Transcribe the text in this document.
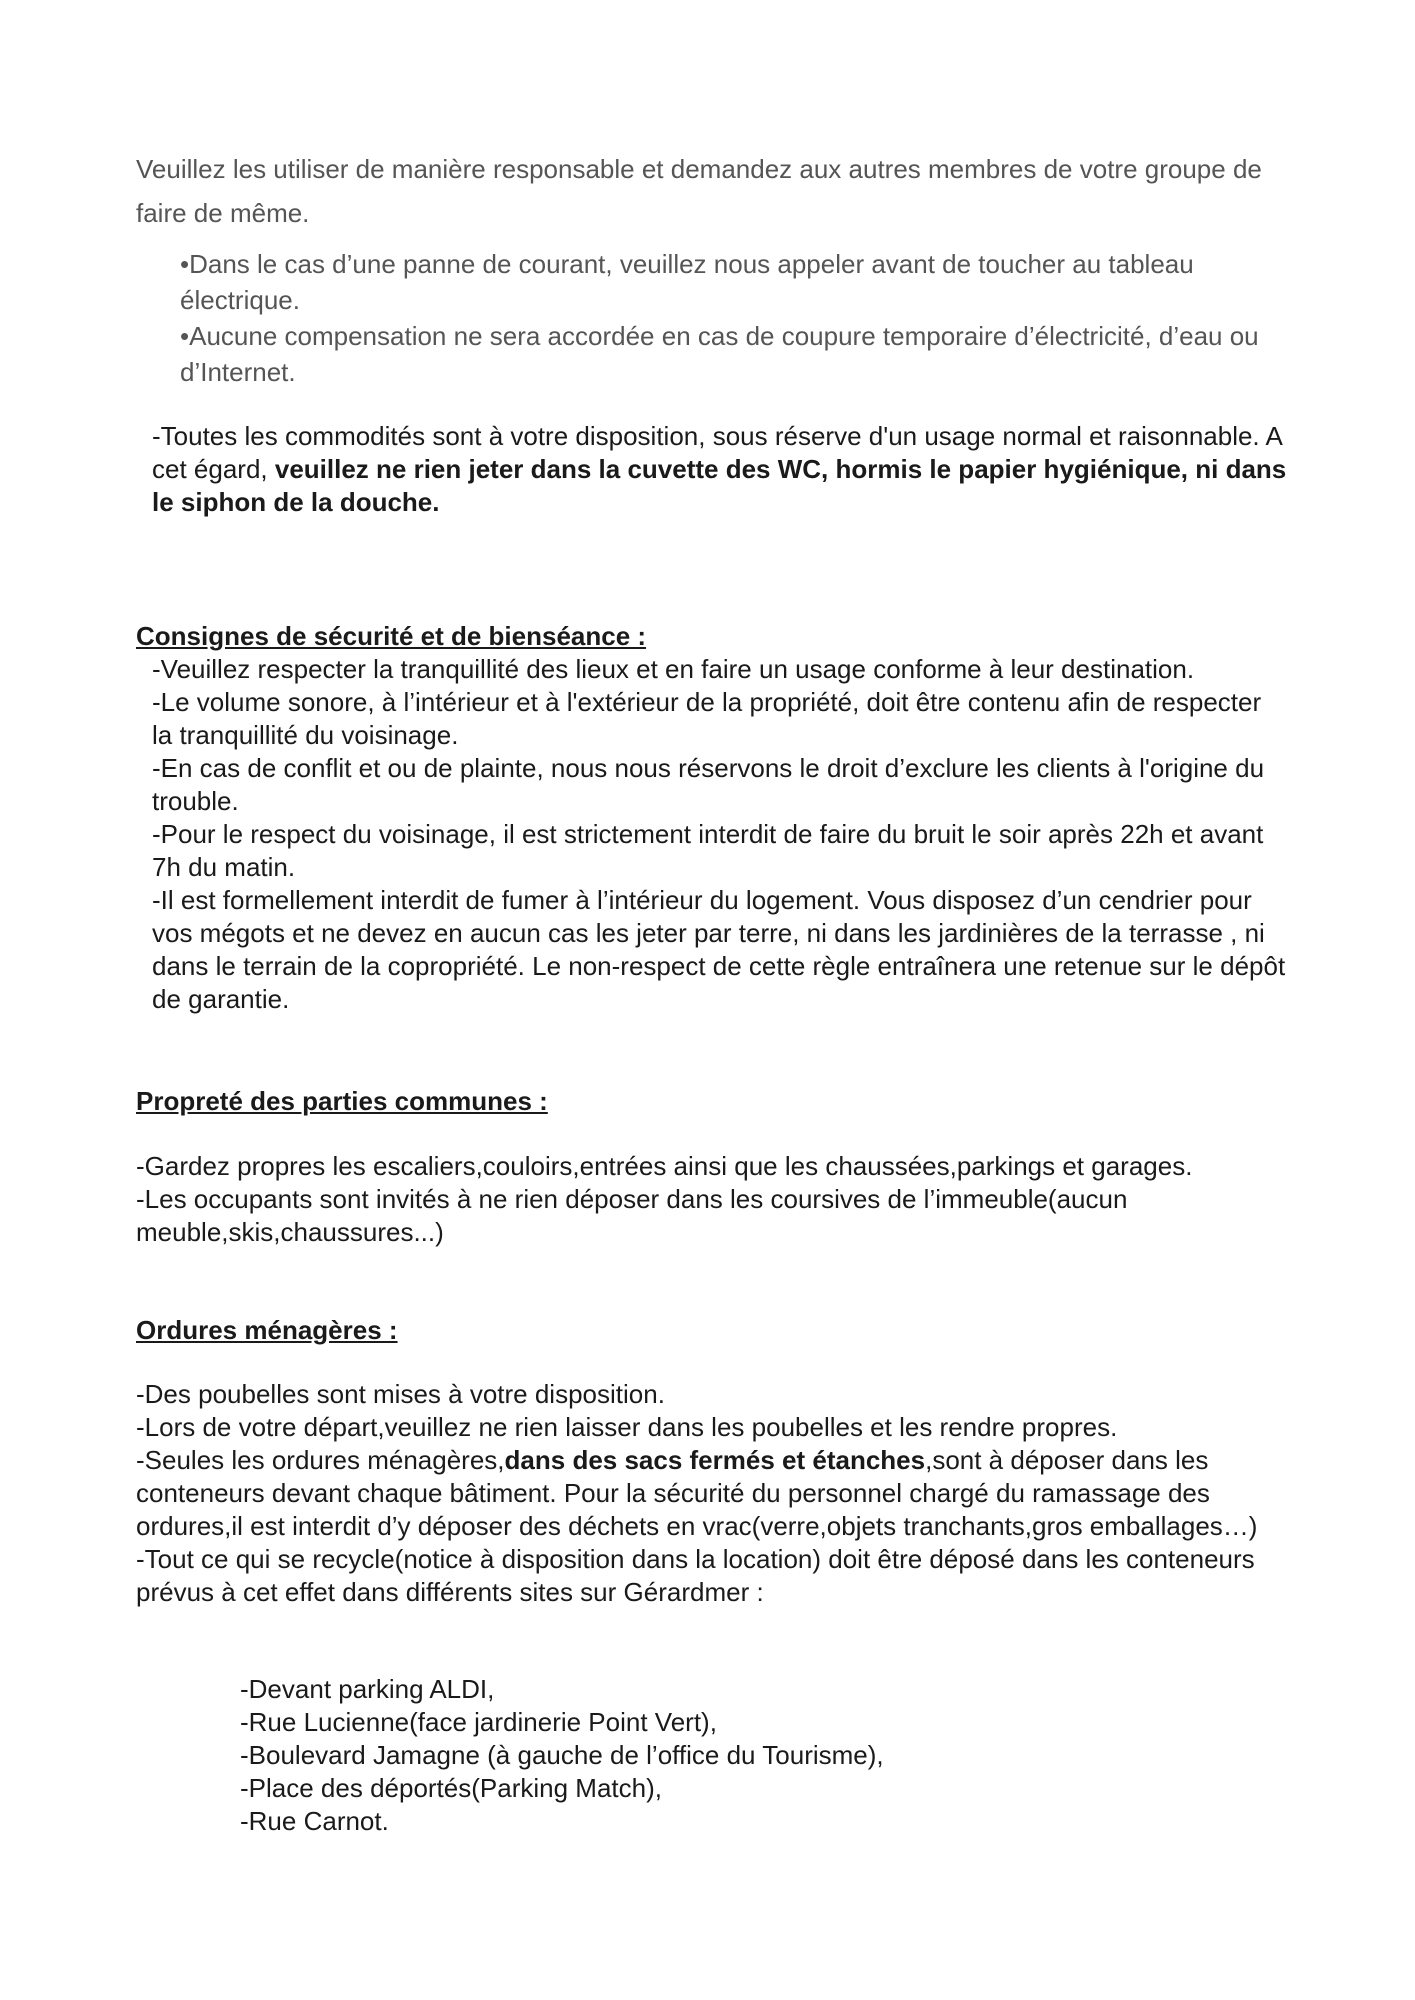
Veuillez les utiliser de manière responsable et demandez aux autres membres de votre groupe de faire de même.

•Dans le cas d’une panne de courant, veuillez nous appeler avant de toucher au tableau électrique.

•Aucune compensation ne sera accordée en cas de coupure temporaire d’électricité, d’eau ou d’Internet.

-Toutes les commodités sont à votre disposition, sous réserve d'un usage normal et raisonnable. A cet égard, veuillez ne rien jeter dans la cuvette des WC, hormis le papier hygiénique, ni dans le siphon de la douche.
Consignes de sécurité et de bienséance :

-Veuillez respecter la tranquillité des lieux et en faire un usage conforme à leur destination.

-Le volume sonore, à l’intérieur et à l'extérieur de la propriété, doit être contenu afin de respecter la tranquillité du voisinage.

-En cas de conflit et ou de plainte, nous nous réservons le droit d’exclure les clients à l'origine du trouble.

-Pour le respect du voisinage, il est strictement interdit de faire du bruit le soir après 22h et avant 7h du matin.

-Il est formellement interdit de fumer à l’intérieur du logement. Vous disposez d’un cendrier pour vos mégots et ne devez en aucun cas les jeter par terre, ni dans les jardinières de la terrasse , ni dans le terrain de la copropriété. Le non-respect de cette règle entraînera une retenue sur le dépôt de garantie.

Propreté des parties communes :

-Gardez propres les escaliers,couloirs,entrées ainsi que les chaussées,parkings et garages.

-Les occupants sont invités à ne rien déposer dans les coursives de l’immeuble(aucun meuble,skis,chaussures...)

Ordures ménagères :

-Des poubelles sont mises à votre disposition.

-Lors de votre départ,veuillez ne rien laisser dans les poubelles et les rendre propres.

-Seules les ordures ménagères,dans des sacs fermés et étanches,sont à déposer dans les conteneurs devant chaque bâtiment. Pour la sécurité du personnel chargé du ramassage des ordures,il est interdit d’y déposer des déchets en vrac(verre,objets tranchants,gros emballages…)

-Tout ce qui se recycle(notice à disposition dans la location) doit être déposé dans les conteneurs prévus à cet effet dans différents sites sur Gérardmer :

-Devant parking ALDI,

-Rue Lucienne(face jardinerie Point Vert),

-Boulevard Jamagne (à gauche de l’office du Tourisme),

-Place des déportés(Parking Match),

-Rue Carnot.
